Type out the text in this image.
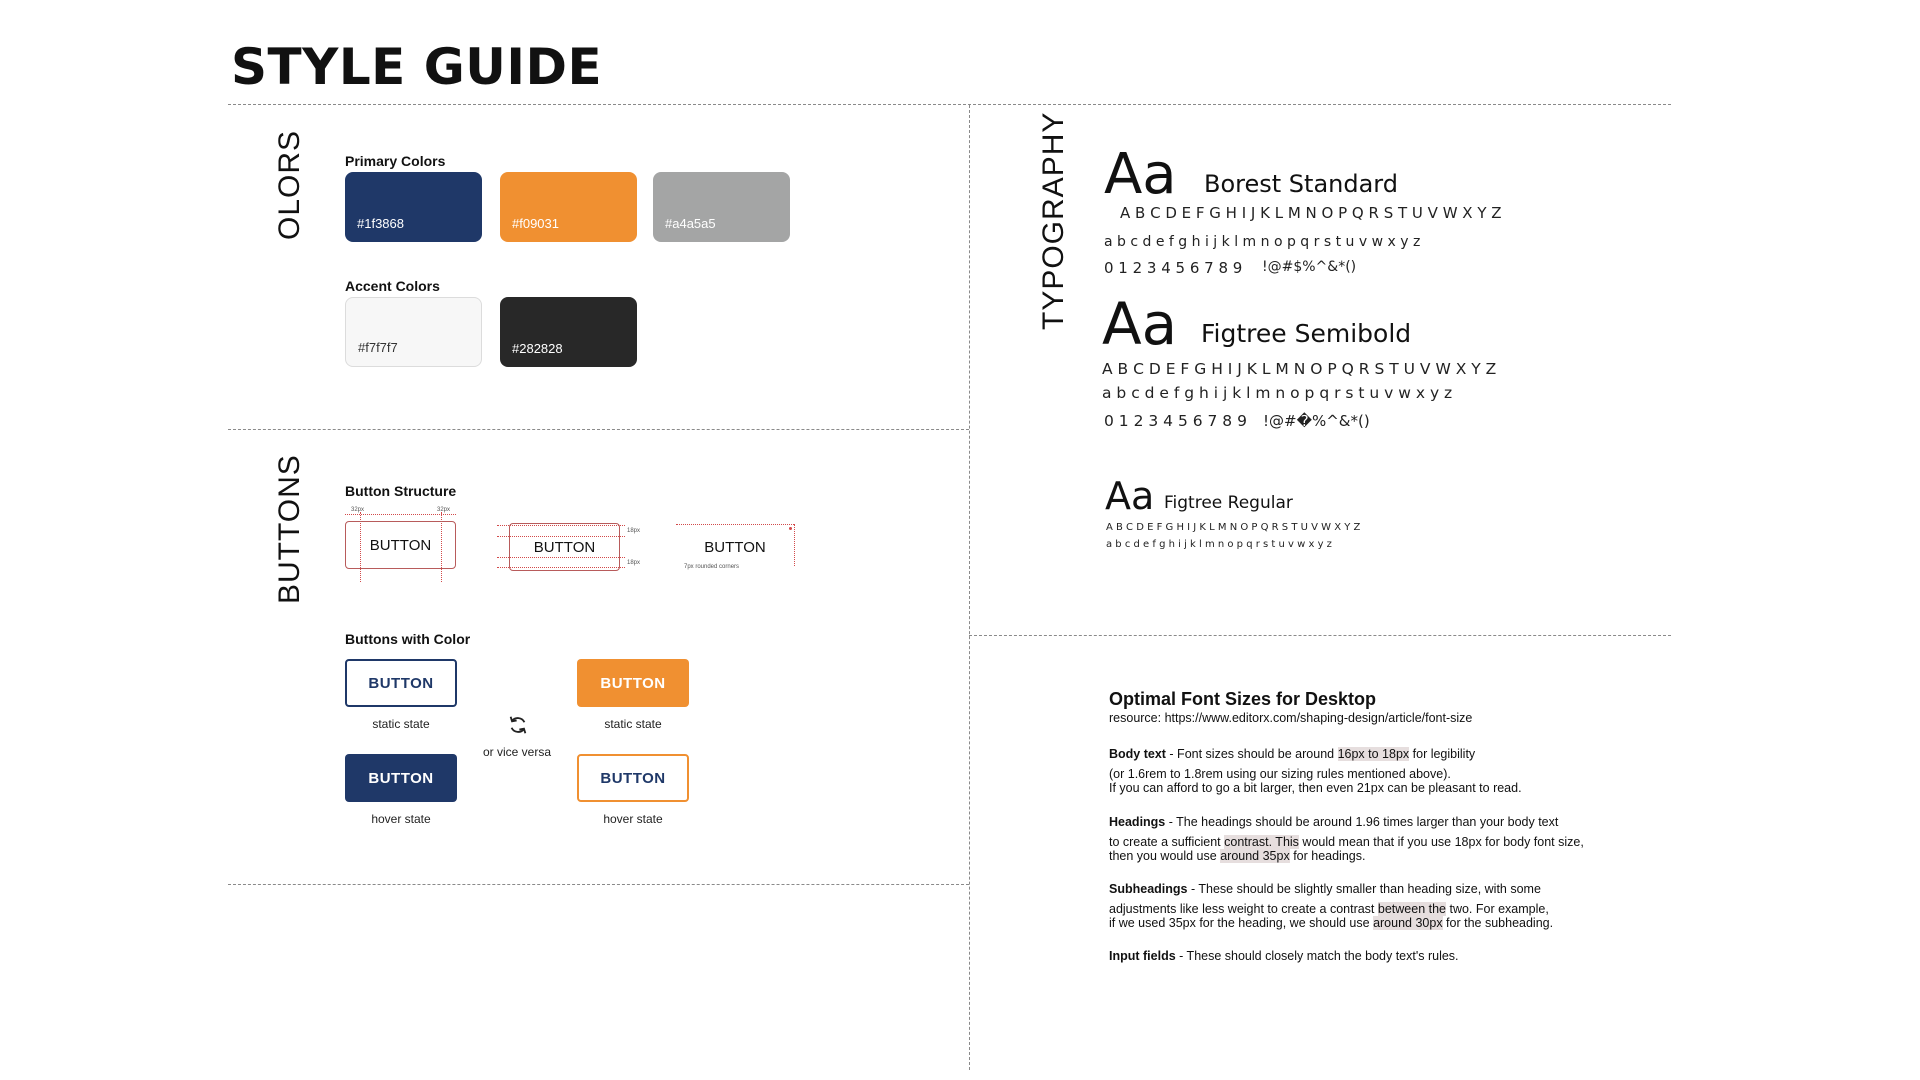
STYLE GUIDE
OLORS
BUTTONS
TYPOGRAPHY
Primary Colors
#1f3868	#f09031	#a4a5a5
Accent Colors
#f7f7f7	#282828
Button Structure
32px	32px
BUTTON	BUTTON
18px
18px
BUTTON
7px rounded corners
Buttons with Color
BUTTON
static state
BUTTON
hover state
or vice versa
BUTTON
static state
BUTTON
hover state
Aa Borest Standard
A B C D E F G H I J K L M N O P Q R S T U V W X Y Z
a b c d e f g h i j k l m n o p q r s t u v w x y z
0 1 2 3 4 5 6 7 8 9 !@#$%^&*()
Aa Figtree Semibold
A B C D E F G H I J K L M N O P Q R S T U V W X Y Z
a b c d e f g h i j k l m n o p q r s t u v w x y z
0 1 2 3 4 5 6 7 8 9 !@#�%^&*()
Aa Figtree Regular
A B C D E F G H I J K L M N O P Q R S T U V W X Y Z
a b c d e f g h i j k l m n o p q r s t u v w x y z
Optimal Font Sizes for Desktop
resource: https://www.editorx.com/shaping-design/article/font-size
Body text - Font sizes should be around 16px to 18px for legibility
(or 1.6rem to 1.8rem using our sizing rules mentioned above).
If you can afford to go a bit larger, then even 21px can be pleasant to read.
Headings - The headings should be around 1.96 times larger than your body text
to create a sufficient contrast. This would mean that if you use 18px for body font size,
then you would use around 35px for headings.
Subheadings - These should be slightly smaller than heading size, with some
adjustments like less weight to create a contrast between the two. For example,
if we used 35px for the heading, we should use around 30px for the subheading.
Input fields - These should closely match the body text's rules.
